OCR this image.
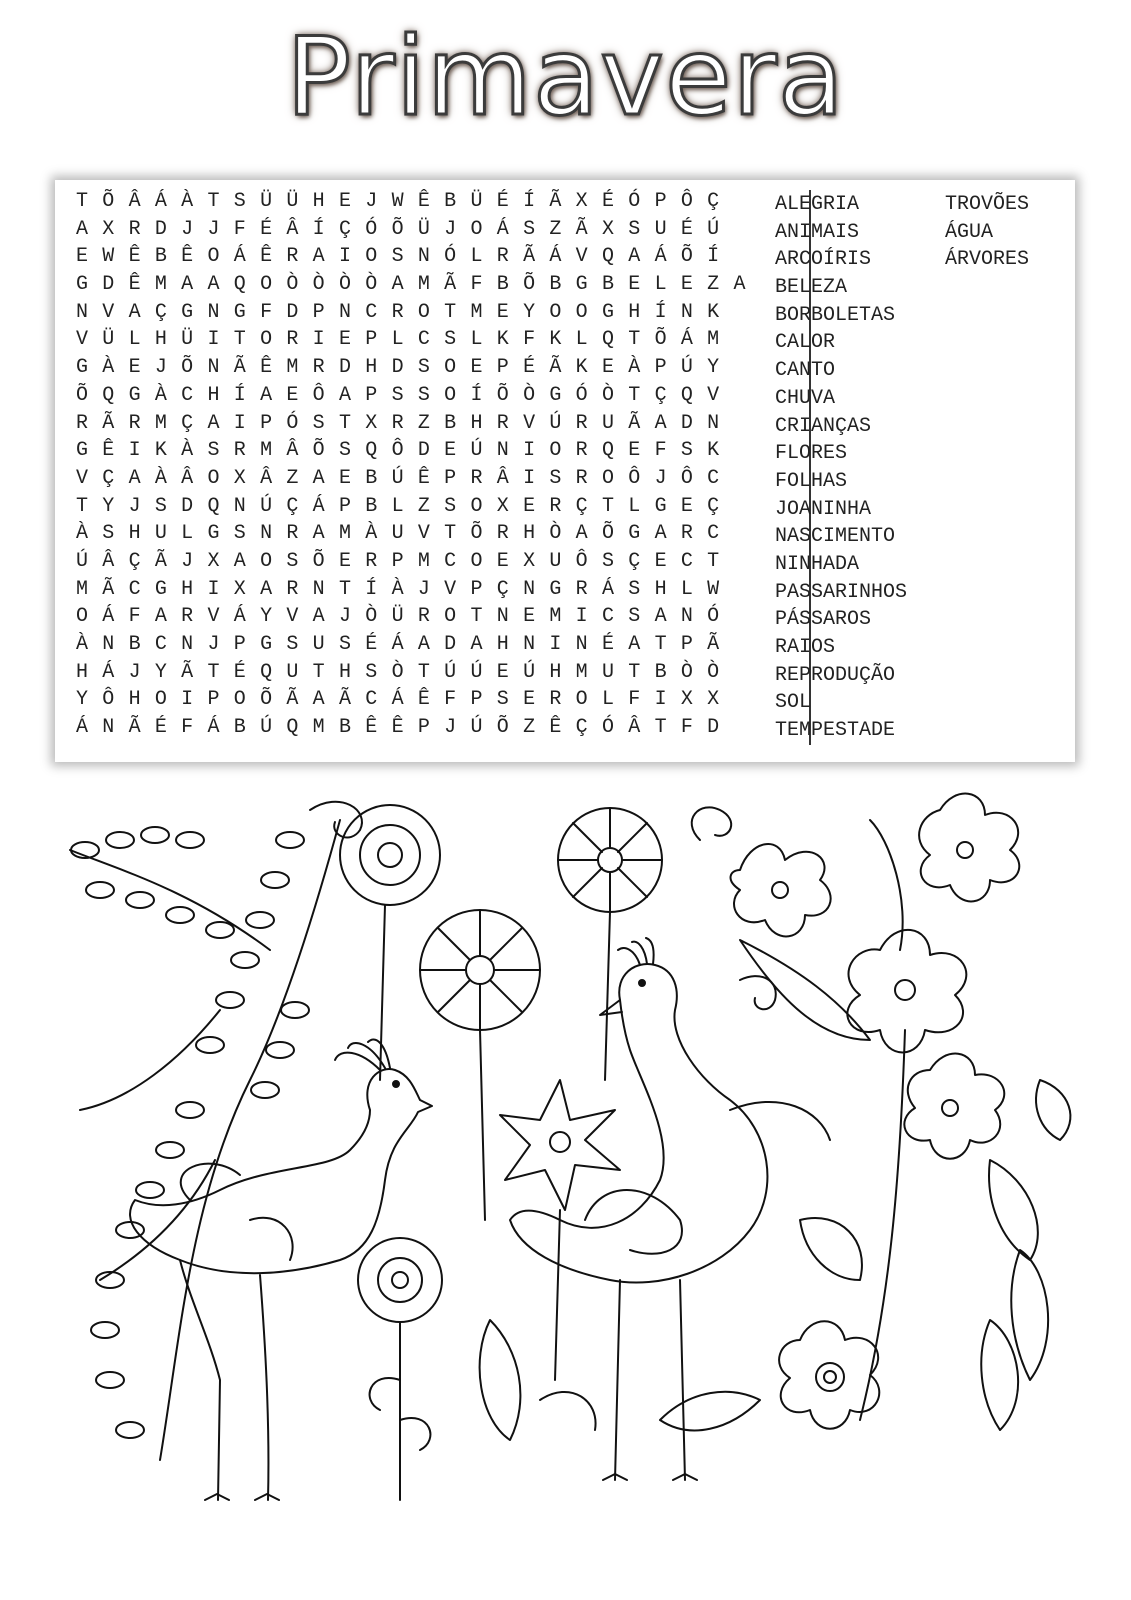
Primavera
T Õ Â Á À T S Ü Ü H E J W Ê B Ü É Í Ã X É Ó P Ô Ç
A X R D J J F É Â Í Ç Ó Õ Ü J O Á S Z Ã X S U É Ú
E W Ê B Ê O Á Ê R A I O S N Ó L R Ã Á V Q A Á Õ Í
G D Ê M A A Q O Ò Ò Ò Ò A M Ã F B Õ B G B E L E Z A
N V A Ç G N G F D P N C R O T M E Y O O G H Í N K
V Ü L H Ü I T O R I E P L C S L K F K L Q T Õ Á M
G À E J Õ N Ã Ê M R D H D S O E P É Ã K E À P Ú Y
Õ Q G À C H Í A E Ô A P S S O Í Õ Ò G Ó Ò T Ç Q V
R Ã R M Ç A I P Ó S T X R Z B H R V Ú R U Ã A D N
G Ê I K À S R M Â Õ S Q Ô D E Ú N I O R Q E F S K
V Ç A À Â O X Â Z A E B Ú Ê P R Â I S R O Ô J Ô C
T Y J S D Q N Ú Ç Á P B L Z S O X E R Ç T L G E Ç
À S H U L G S N R A M À U V T Õ R H Ò A Õ G A R C
Ú Â Ç Ã J X A O S Õ E R P M C O E X U Ô S Ç E C T
M Ã C G H I X A R N T Í À J V P Ç N G R Á S H L W
O Á F A R V Á Y V A J Ò Ü R O T N E M I C S A N Ó
À N B C N J P G S U S É Á A D A H N I N É A T P Ã
H Á J Y Ã T É Q U T H S Ò T Ú Ú E Ú H M U T B Ò Ò
Y Ô H O I P O Õ Ã A Ã C Á Ê F P S E R O L F I X X
Á N Ã É F Á B Ú Q M B Ê Ê P J Ú Õ Z Ê Ç Ó Â T F D
ALEGRIA
ANIMAIS
ARCOÍRIS
BELEZA
BORBOLETAS
CALOR
CANTO
CHUVA
CRIANÇAS
FLORES
FOLHAS
JOANINHA
NASCIMENTO
NINHADA
PASSARINHOS
PÁSSAROS
RAIOS
REPRODUÇÃO
SOL
TEMPESTADE
TROVÕES
ÁGUA
ÁRVORES
